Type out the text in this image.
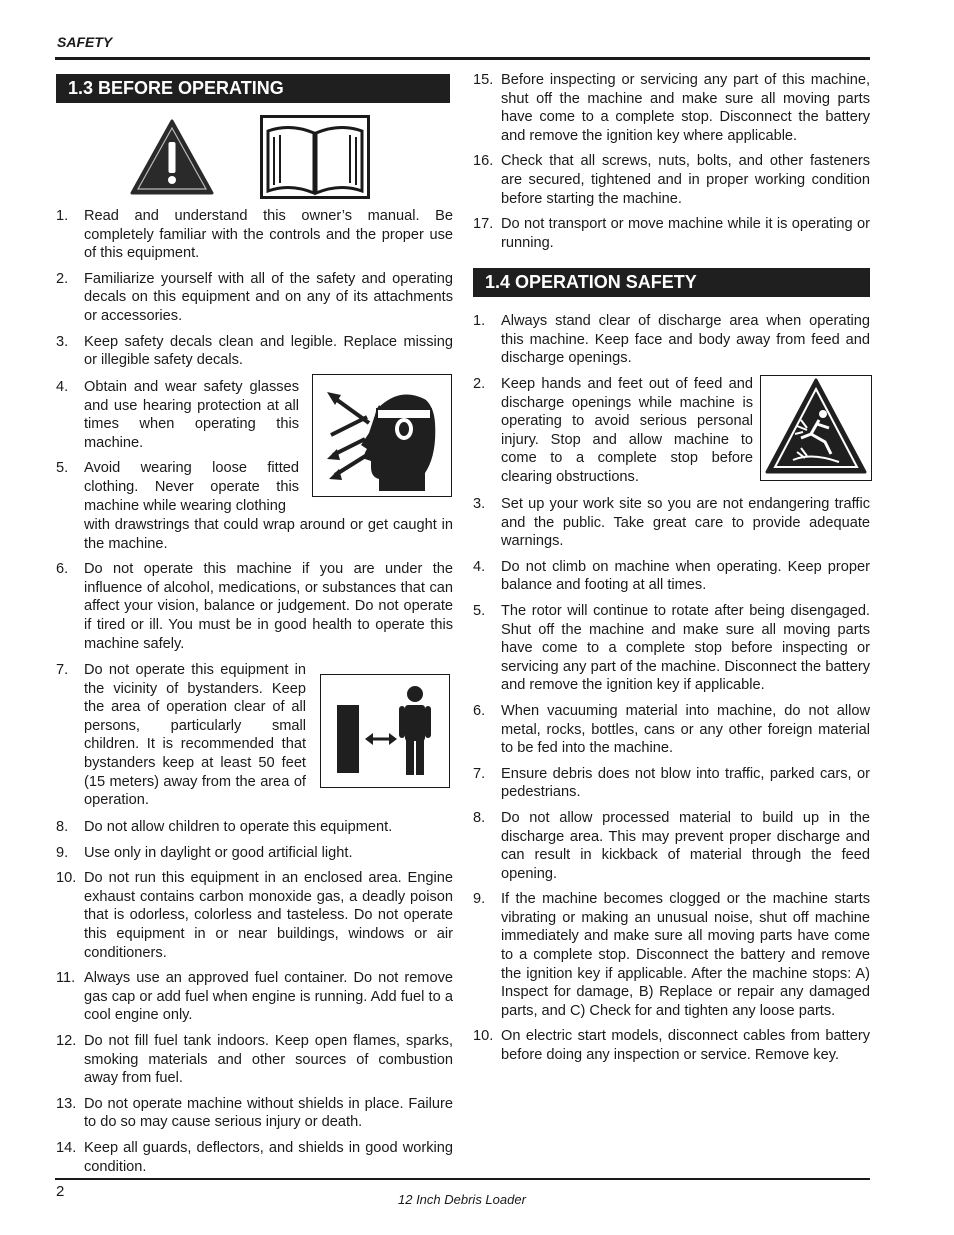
SAFETY
1.3 BEFORE OPERATING
1. Read and understand this owner’s manual. Be completely familiar with the controls and the proper use of this equipment.
2. Familiarize yourself with all of the safety and operating decals on this equipment and on any of its attachments or accessories.
3. Keep safety decals clean and legible. Replace missing or illegible safety decals.
4. Obtain and wear safety glasses and use hearing protection at all times when operating this machine.
5. Avoid wearing loose fitted clothing. Never operate this machine while wearing clothing
with drawstrings that could wrap around or get caught in the machine.
6. Do not operate this machine if you are under the influence of alcohol, medications, or substances that can affect your vision, balance or judgement. Do not operate if tired or ill. You must be in good health to operate this machine safely.
7. Do not operate this equipment in the vicinity of bystanders. Keep the area of operation clear of all persons, particularly small children. It is recommended that bystanders keep at least 50 feet (15 meters) away from the area of operation.
8. Do not allow children to operate this equipment.
9. Use only in daylight or good artificial light.
10. Do not run this equipment in an enclosed area. Engine exhaust contains carbon monoxide gas, a deadly poison that is odorless, colorless and tasteless. Do not operate this equipment in or near buildings, windows or air conditioners.
11. Always use an approved fuel container. Do not remove gas cap or add fuel when engine is running. Add fuel to a cool engine only.
12. Do not fill fuel tank indoors. Keep open flames, sparks, smoking materials and other sources of combustion away from fuel.
13. Do not operate machine without shields in place. Failure to do so may cause serious injury or death.
14. Keep all guards, deflectors, and shields in good working condition.
15. Before inspecting or servicing any part of this machine, shut off the machine and make sure all moving parts have come to a complete stop. Disconnect the battery and remove the ignition key where applicable.
16. Check that all screws, nuts, bolts, and other fasteners are secured, tightened and in proper working condition before starting the machine.
17. Do not transport or move machine while it is operating or running.
1.4 OPERATION SAFETY
1. Always stand clear of discharge area when operating this machine. Keep face and body away from feed and discharge openings.
2. Keep hands and feet out of feed and discharge openings while machine is operating to avoid serious personal injury. Stop and allow machine to come to a complete stop before clearing obstructions.
3. Set up your work site so you are not endangering traffic and the public. Take great care to provide adequate warnings.
4. Do not climb on machine when operating. Keep proper balance and footing at all times.
5. The rotor will continue to rotate after being disengaged. Shut off the machine and make sure all moving parts have come to a complete stop before inspecting or servicing any part of the machine. Disconnect the battery and remove the ignition key if applicable.
6. When vacuuming material into machine, do not allow metal, rocks, bottles, cans or any other foreign material to be fed into the machine.
7. Ensure debris does not blow into traffic, parked cars, or pedestrians.
8. Do not allow processed material to build up in the discharge area. This may prevent proper discharge and can result in kickback of material through the feed opening.
9. If the machine becomes clogged or the machine starts vibrating or making an unusual noise, shut off machine immediately and make sure all moving parts have come to a complete stop. Disconnect the battery and remove the ignition key if applicable. After the machine stops: A) Inspect for damage, B) Replace or repair any damaged parts, and C) Check for and tighten any loose parts.
10. On electric start models, disconnect cables from battery before doing any inspection or service. Remove key.
2	12 Inch Debris Loader
